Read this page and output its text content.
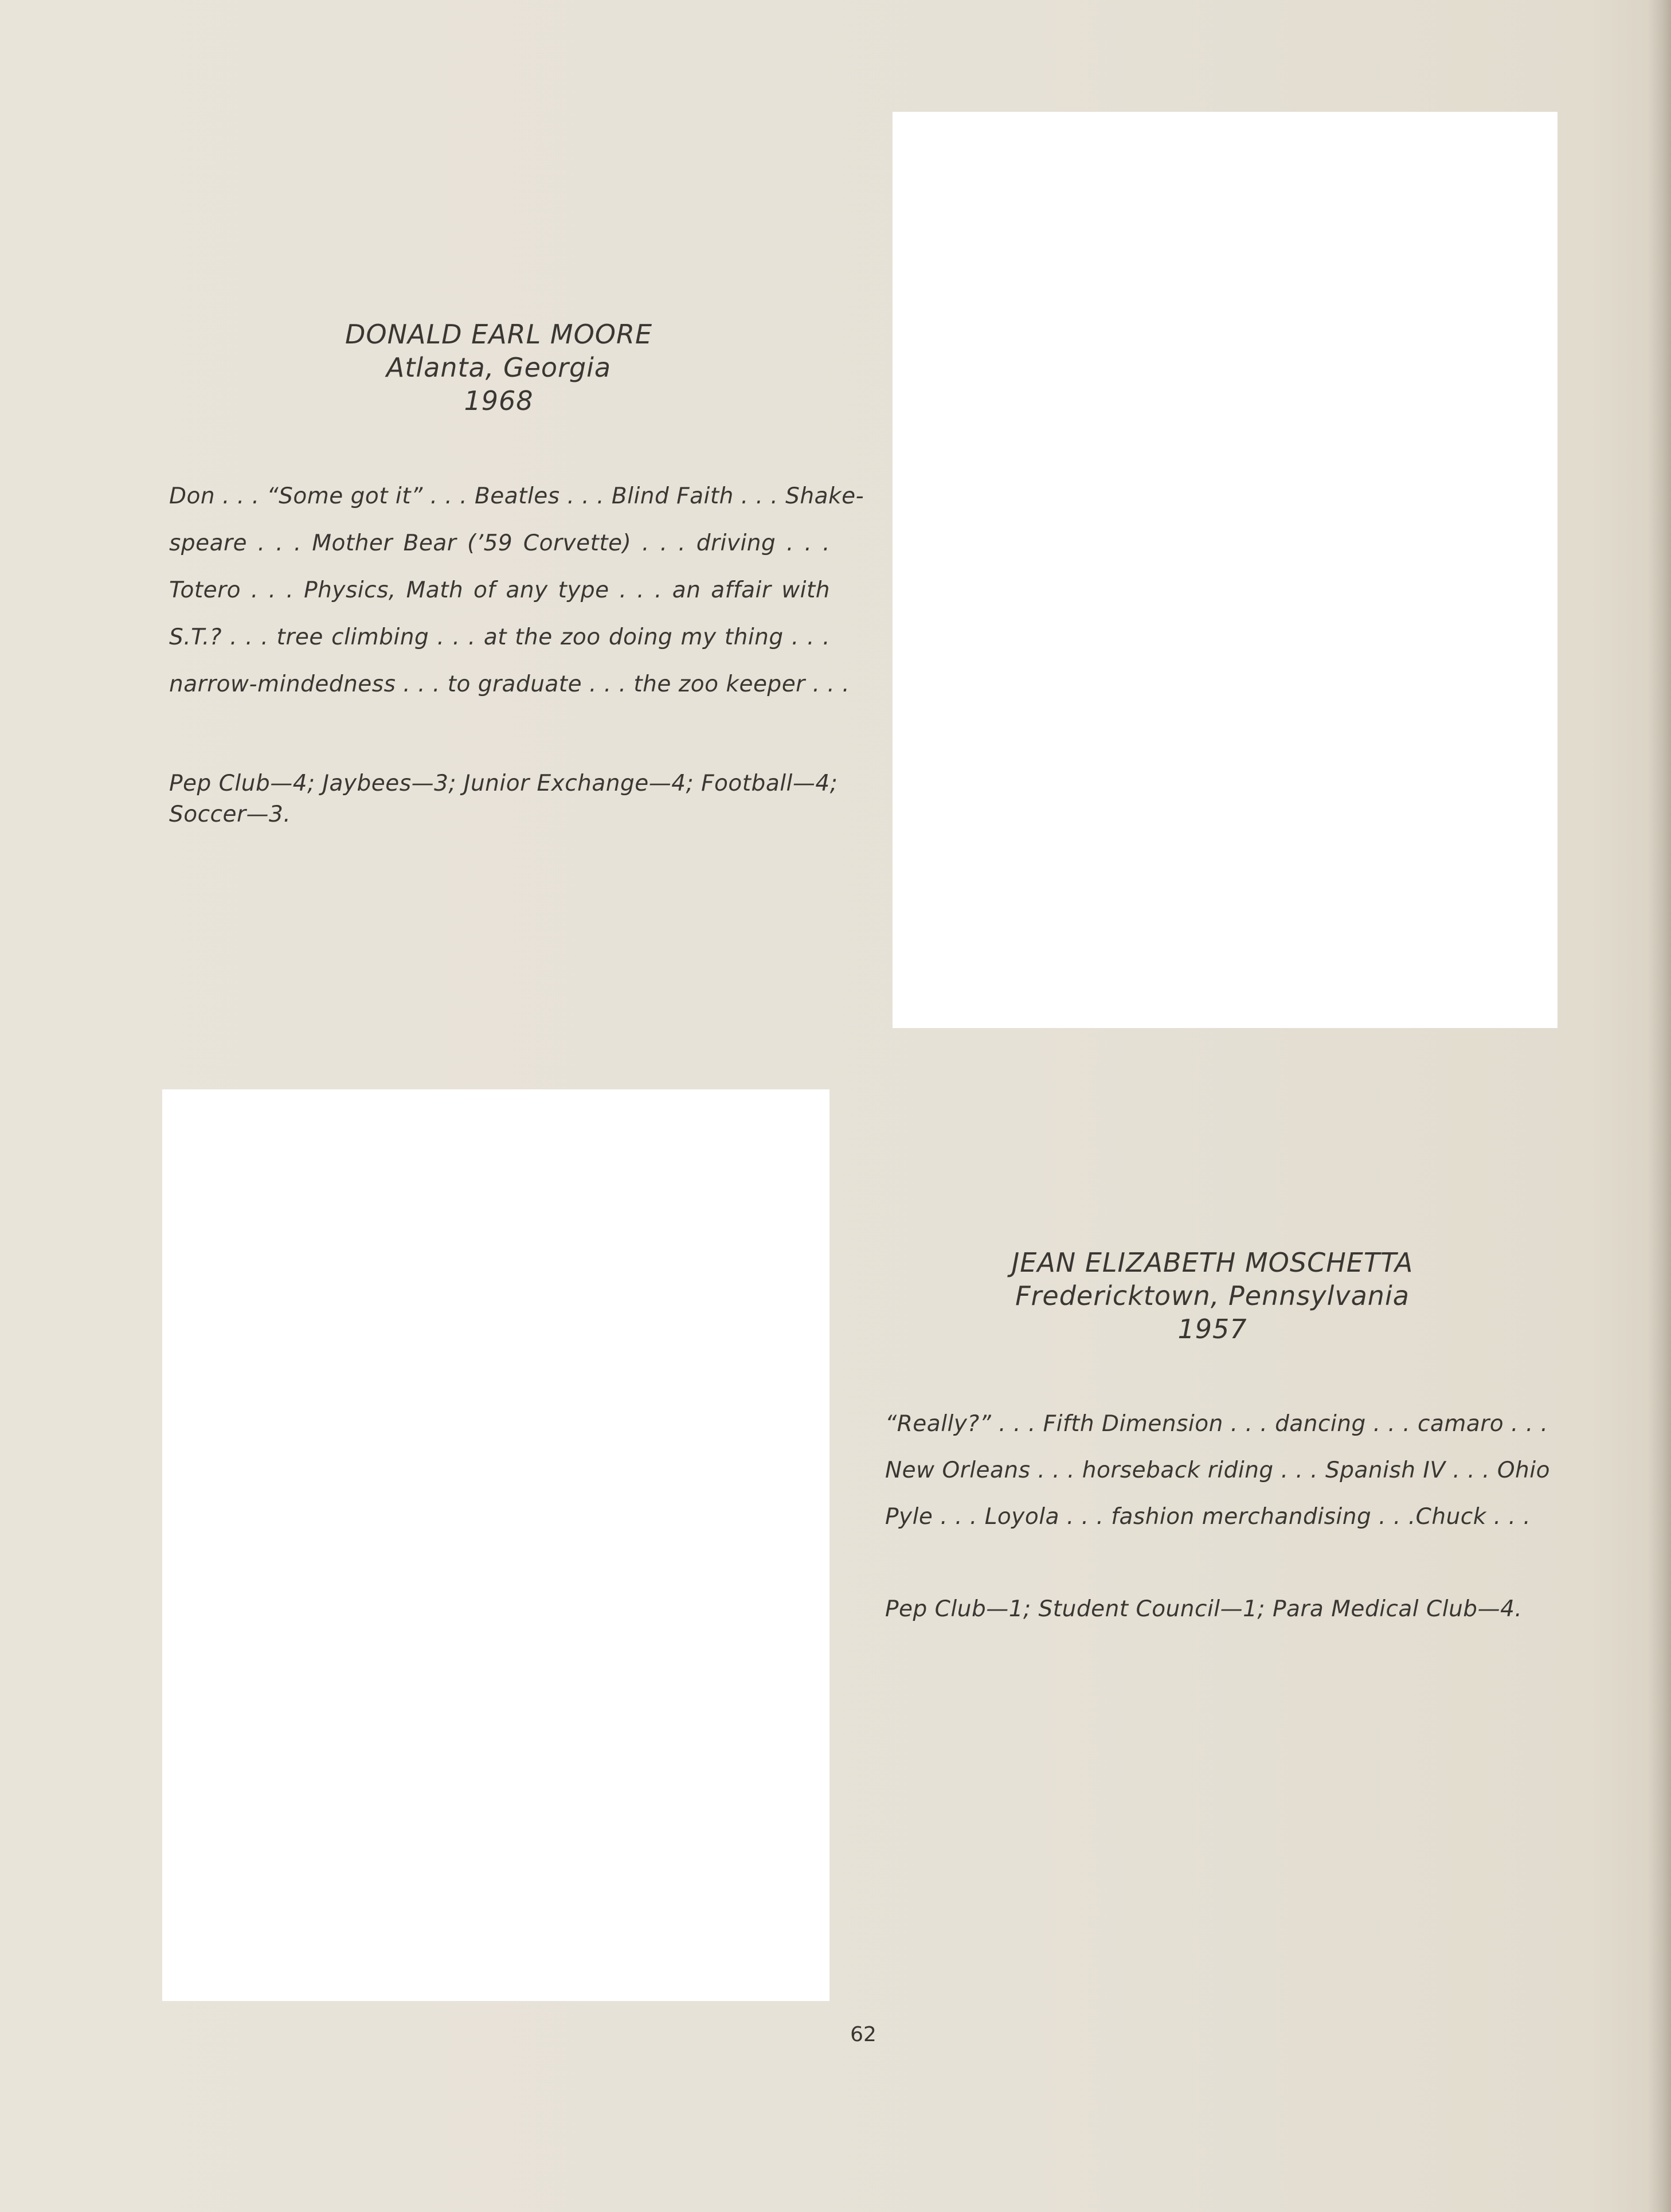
DONALD EARL MOORE
Atlanta, Georgia
1968
Don . . . “Some got it” . . . Beatles . . . Blind Faith . . . Shake-
speare . . . Mother Bear (’59 Corvette) . . . driving . . .
Totero . . . Physics, Math of any type . . . an affair with
S.T.? . . . tree climbing . . . at the zoo doing my thing . . .
narrow-mindedness . . . to graduate . . . the zoo keeper . . .
Pep Club—4; Jaybees—3; Junior Exchange—4; Football—4;
Soccer—3.
JEAN ELIZABETH MOSCHETTA
Fredericktown, Pennsylvania
1957
“Really?” . . . Fifth Dimension . . . dancing . . . camaro . . .
New Orleans . . . horseback riding . . . Spanish IV . . . Ohio
Pyle . . . Loyola . . . fashion merchandising . . .Chuck . . .
Pep Club—1; Student Council—1; Para Medical Club—4.
62
